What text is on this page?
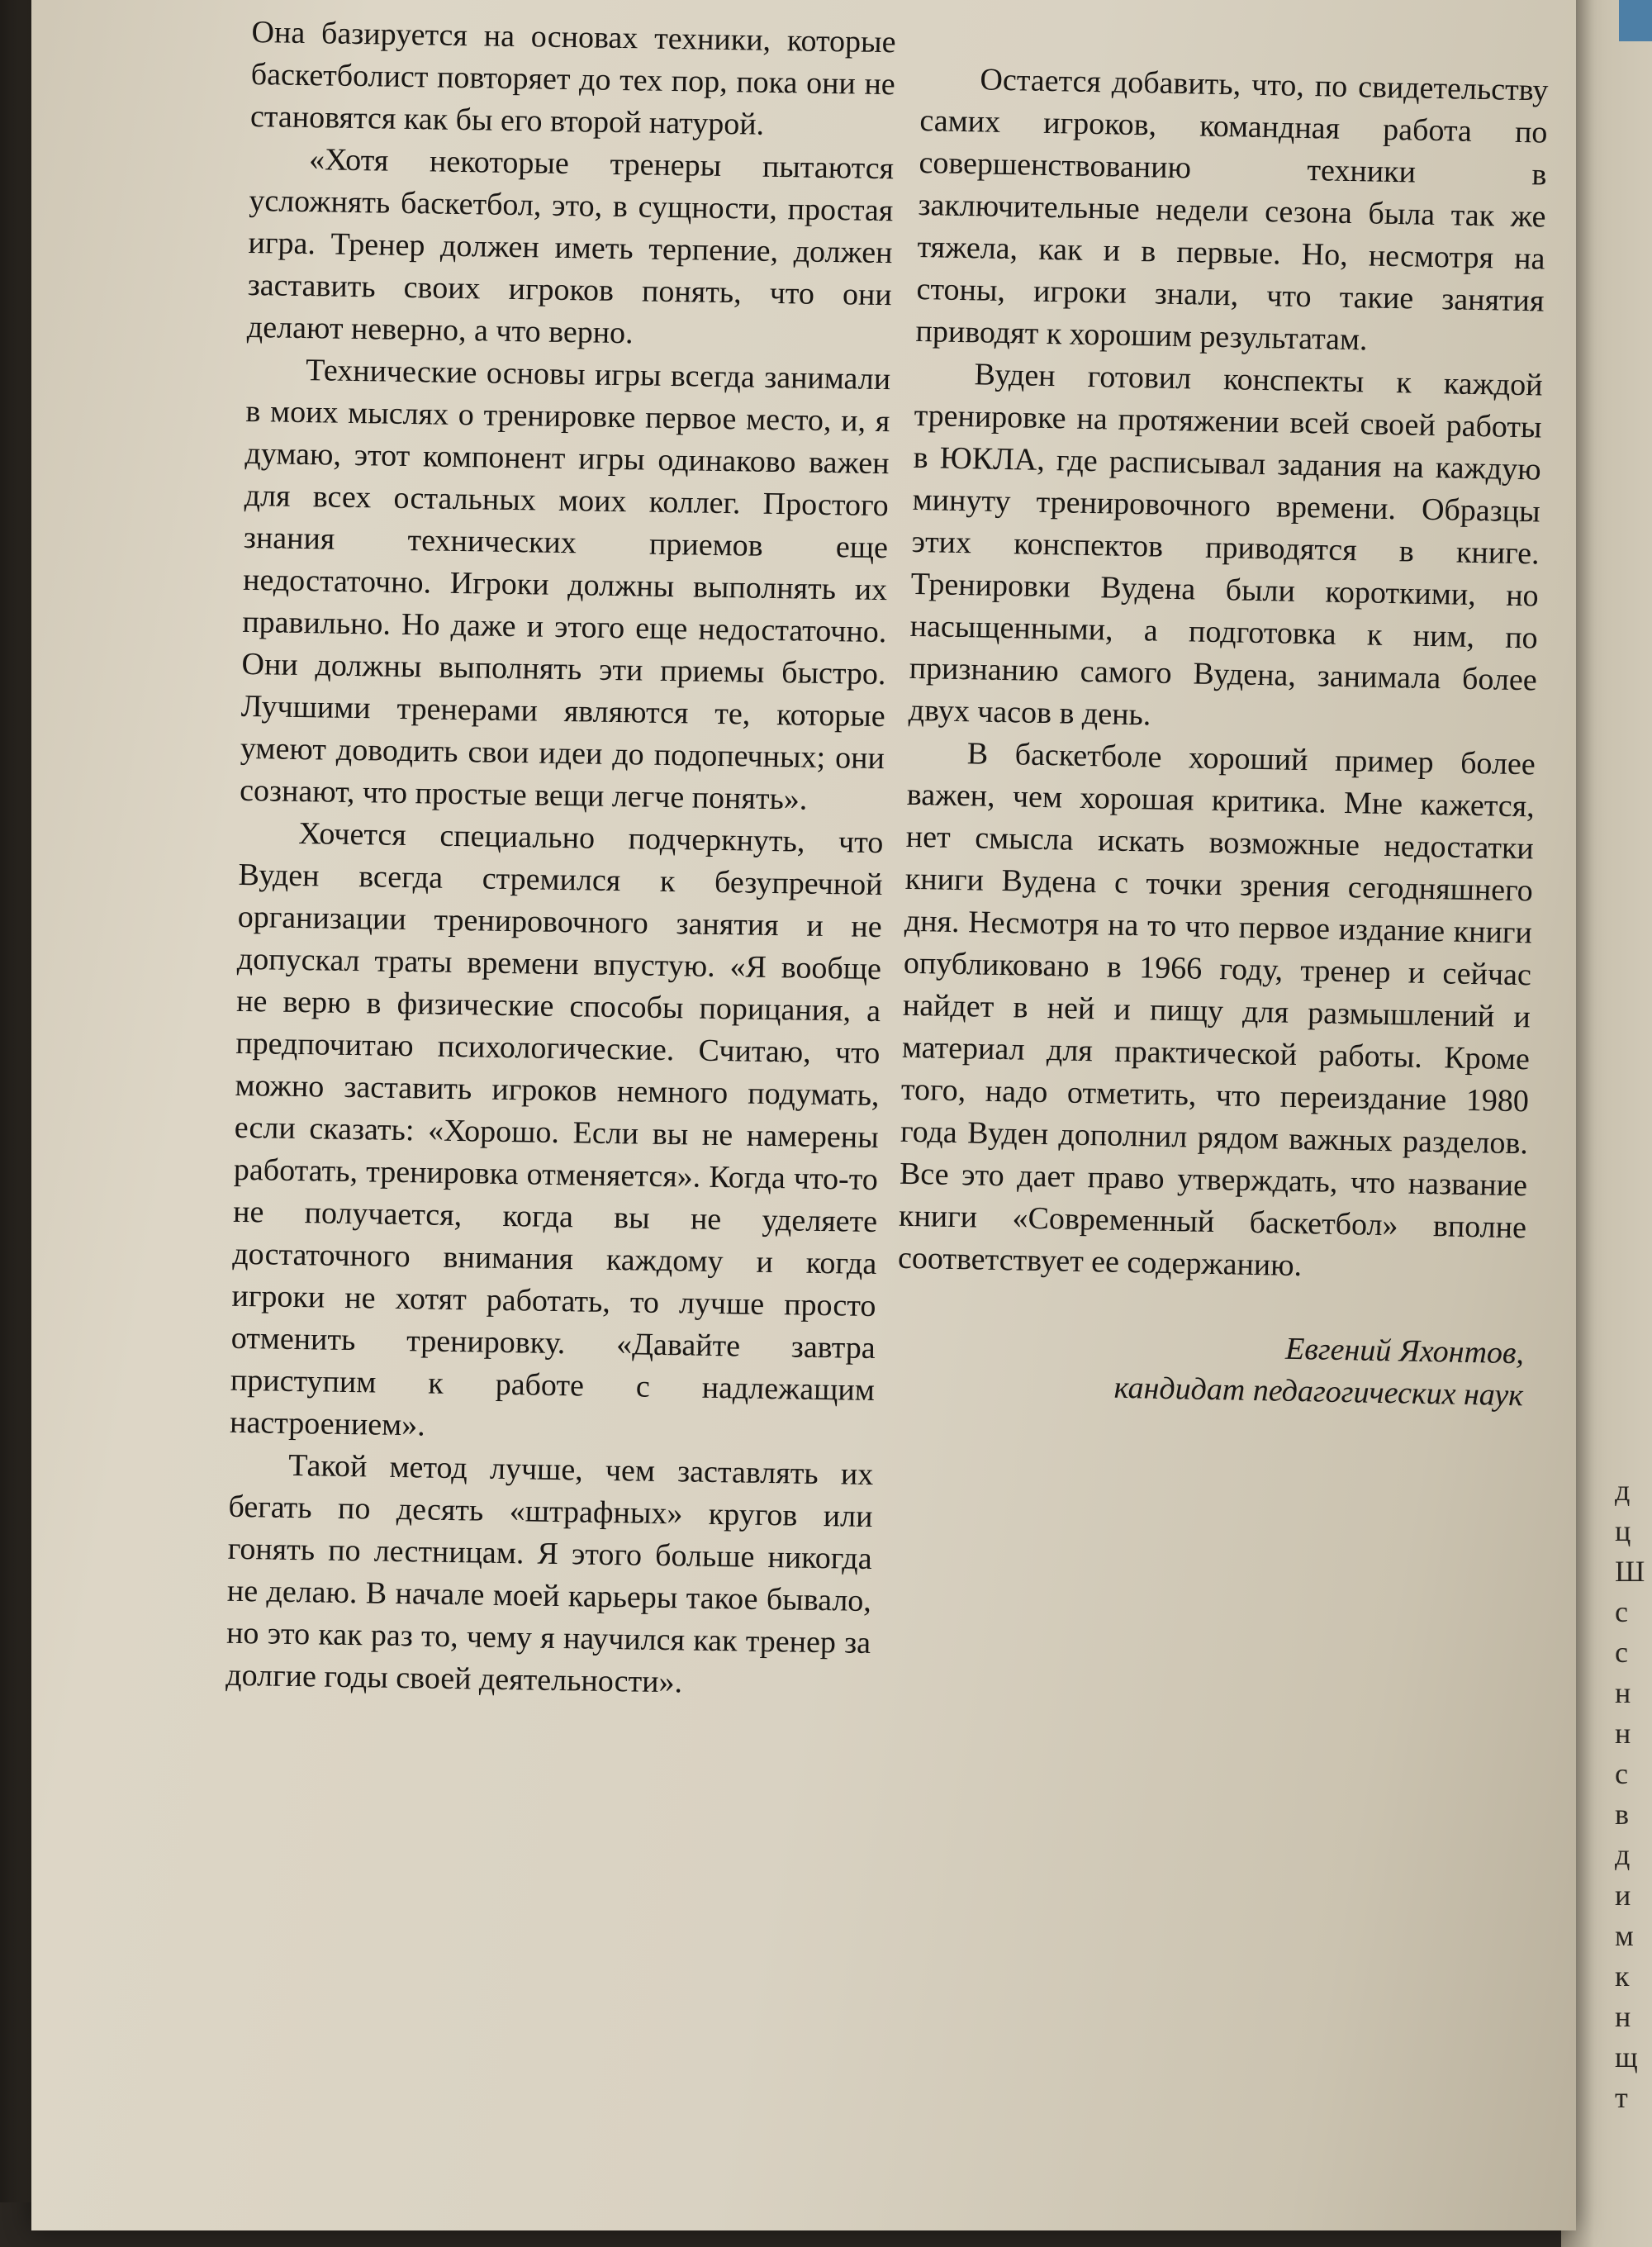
Она базируется на основах техники, которые баскетболист повторяет до тех пор, пока они не становятся как бы его второй натурой.

«Хотя некоторые тренеры пытаются усложнять баскетбол, это, в сущности, простая игра. Тренер должен иметь терпение, должен заставить своих игроков понять, что они делают неверно, а что верно.

Технические основы игры всегда занимали в моих мыслях о тренировке первое место, и, я думаю, этот компонент игры одинаково важен для всех остальных моих коллег. Простого знания технических приемов еще недостаточно. Игроки должны выполнять их правильно. Но даже и этого еще недостаточно. Они должны выполнять эти приемы быстро. Лучшими тренерами являются те, которые умеют доводить свои идеи до подопечных; они сознают, что простые вещи легче понять».

Хочется специально подчеркнуть, что Вуден всегда стремился к безупречной организации тренировочного занятия и не допускал траты времени впустую. «Я вообще не верю в физические способы порицания, а предпочитаю психологические. Считаю, что можно заставить игроков немного подумать, если сказать: «Хорошо. Если вы не намерены работать, тренировка отменяется». Когда что-то не получается, когда вы не уделяете достаточного внимания каждому и когда игроки не хотят работать, то лучше просто отменить тренировку. «Давайте завтра приступим к работе с надлежащим настроением».

Такой метод лучше, чем заставлять их бегать по десять «штрафных» кругов или гонять по лестницам. Я этого больше никогда не делаю. В начале моей карьеры такое бывало, но это как раз то, чему я научился как тренер за долгие годы своей деятельности».

Остается добавить, что, по свидетельству самих игроков, командная работа по совершенствованию техники в заключительные недели сезона была так же тяжела, как и в первые. Но, несмотря на стоны, игроки знали, что такие занятия приводят к хорошим результатам.

Вуден готовил конспекты к каждой тренировке на протяжении всей своей работы в ЮКЛА, где расписывал задания на каждую минуту тренировочного времени. Образцы этих конспектов приводятся в книге. Тренировки Вудена были короткими, но насыщенными, а подготовка к ним, по признанию самого Вудена, занимала более двух часов в день.

В баскетболе хороший пример более важен, чем хорошая критика. Мне кажется, нет смысла искать возможные недостатки книги Вудена с точки зрения сегодняшнего дня. Несмотря на то что первое издание книги опубликовано в 1966 году, тренер и сейчас найдет в ней и пищу для размышлений и материал для практической работы. Кроме того, надо отметить, что переиздание 1980 года Вуден дополнил рядом важных разделов. Все это дает право утверждать, что название книги «Современный баскетбол» вполне соответствует ее содержанию.

Евгений Яхонтов,
кандидат педагогических наук
д
ц
Ш
с
с
н
н
с
в
д
и
м
к
н
щ
т
